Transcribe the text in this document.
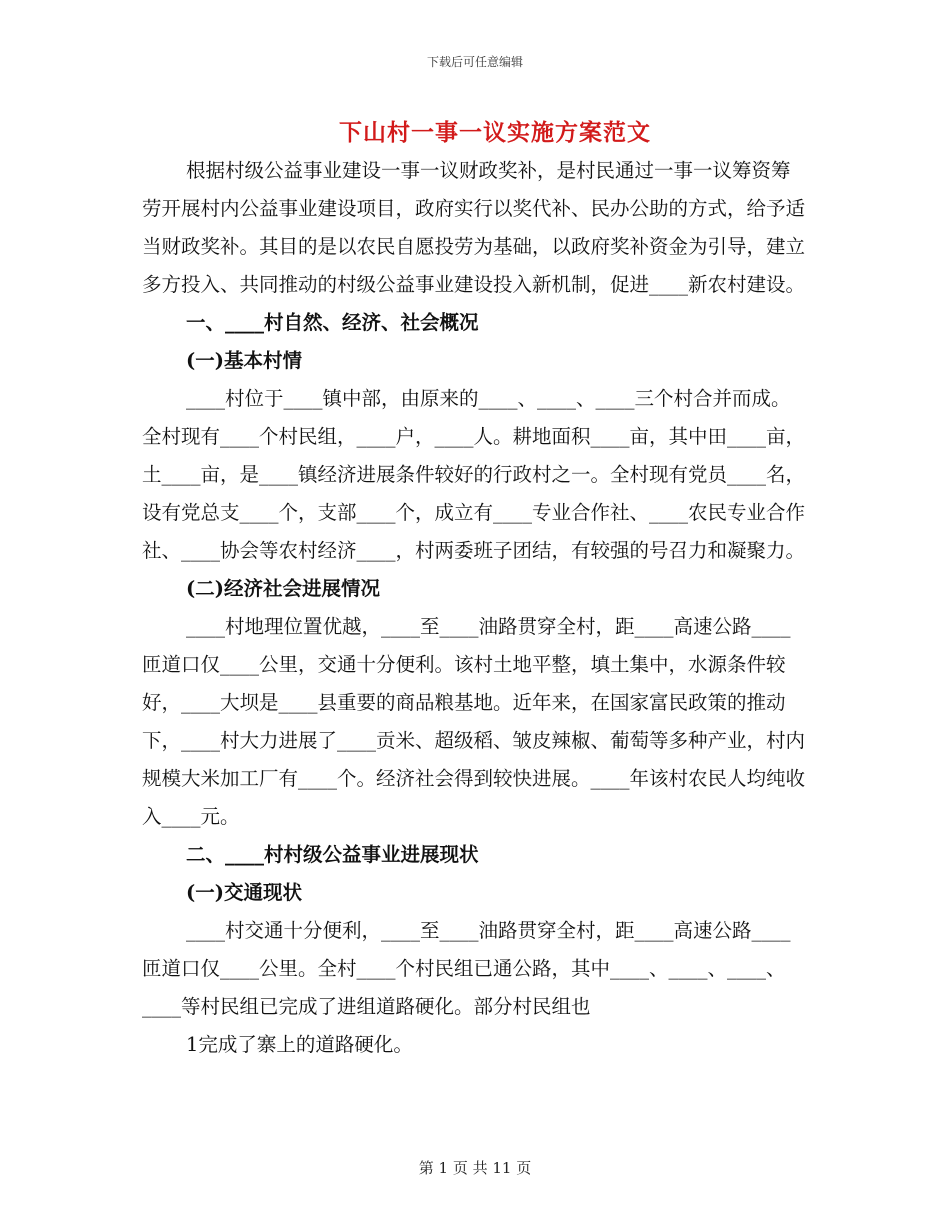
下载后可任意编辑
下山村一事一议实施方案范文

根据村级公益事业建设一事一议财政奖补，是村民通过一事一议筹资筹劳开展村内公益事业建设项目，政府实行以奖代补、民办公助的方式，给予适当财政奖补。其目的是以农民自愿投劳为基础，以政府奖补资金为引导，建立多方投入、共同推动的村级公益事业建设投入新机制，促进____新农村建设。

一、____村自然、经济、社会概况

(一)基本村情

____村位于____镇中部，由原来的____、____、____三个村合并而成。全村现有____个村民组，____户，____人。耕地面积____亩，其中田____亩，土____亩，是____镇经济进展条件较好的行政村之一。全村现有党员____名，设有党总支____个，支部____个，成立有____专业合作社、____农民专业合作社、____协会等农村经济____，村两委班子团结，有较强的号召力和凝聚力。

(二)经济社会进展情况

____村地理位置优越，____至____油路贯穿全村，距____高速公路____匝道口仅____公里，交通十分便利。该村土地平整，填土集中，水源条件较好，____大坝是____县重要的商品粮基地。近年来，在国家富民政策的推动下，____村大力进展了____贡米、超级稻、皱皮辣椒、葡萄等多种产业，村内规模大米加工厂有____个。经济社会得到较快进展。____年该村农民人均纯收入____元。

二、____村村级公益事业进展现状

(一)交通现状

____村交通十分便利，____至____油路贯穿全村，距____高速公路____匝道口仅____公里。全村____个村民组已通公路，其中____、____、____、____等村民组已完成了进组道路硬化。部分村民组也

1完成了寨上的道路硬化。

第 1 页 共 11 页
